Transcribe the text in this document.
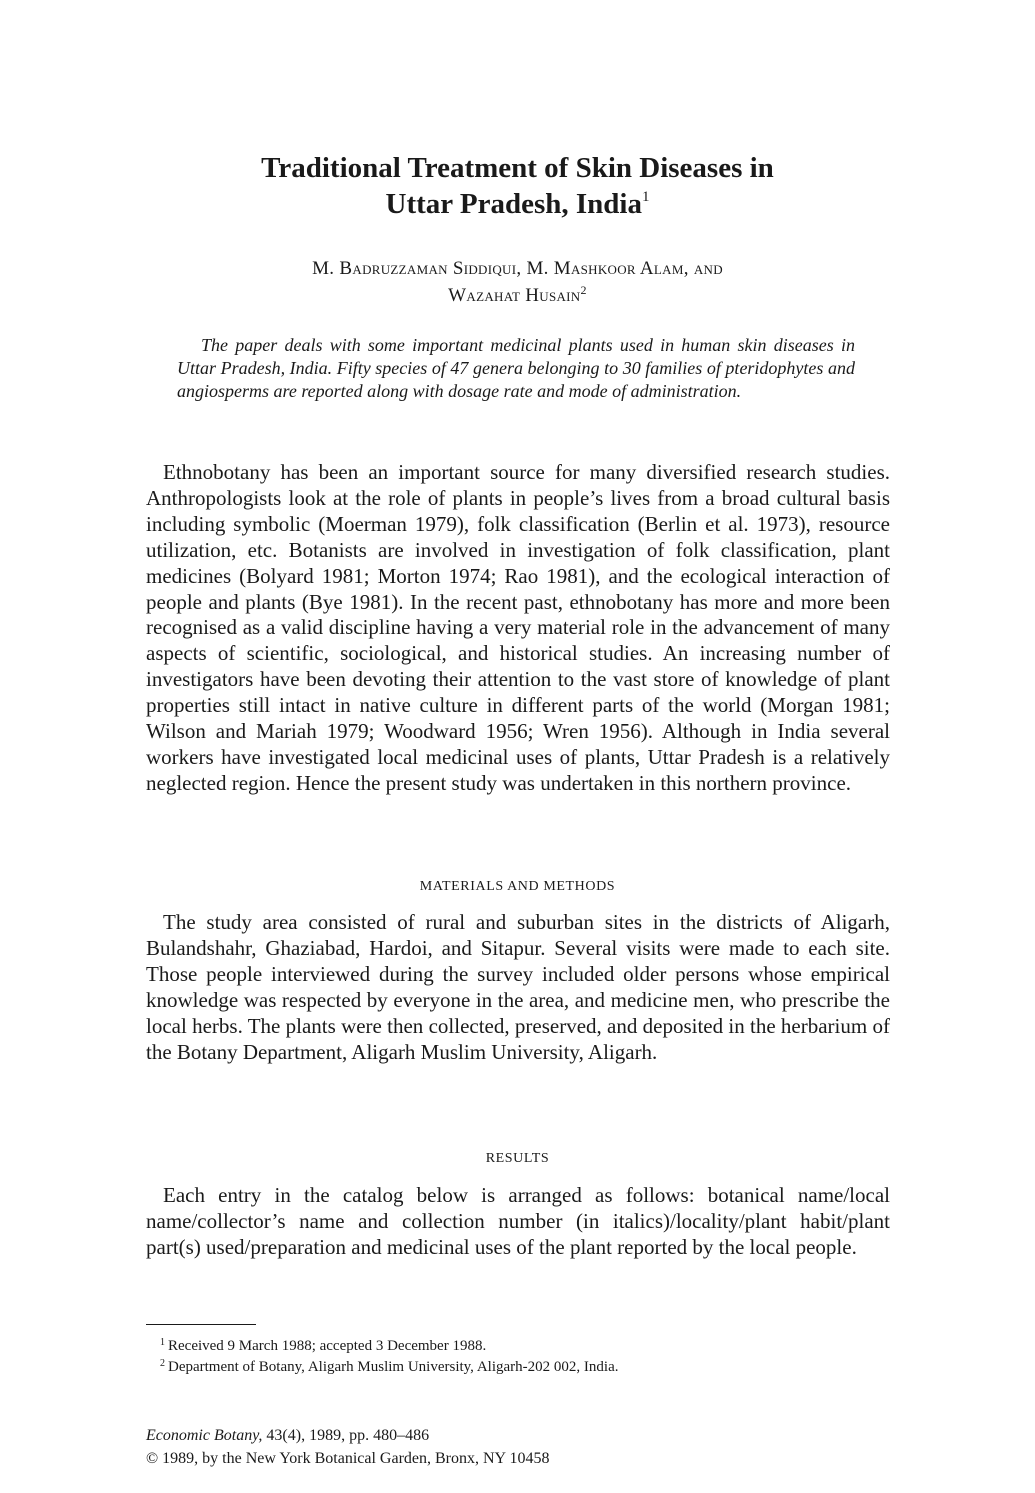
Traditional Treatment of Skin Diseases in
Uttar Pradesh, India$^1$
M. Badruzzaman Siddiqui, M. Mashkoor Alam, and
Wazahat Husain$^2$

The paper deals with some important medicinal plants used in human skin diseases in Uttar Pradesh, India. Fifty species of 47 genera belonging to 30 families of pteridophytes and angiosperms are reported along with dosage rate and mode of administration.

Ethnobotany has been an important source for many diversified research studies. Anthropologists look at the role of plants in people’s lives from a broad cultural basis including symbolic (Moerman 1979), folk classification (Berlin et al. 1973), resource utilization, etc. Botanists are involved in investigation of folk classification, plant medicines (Bolyard 1981; Morton 1974; Rao 1981), and the ecological interaction of people and plants (Bye 1981). In the recent past, ethnobotany has more and more been recognised as a valid discipline having a very material role in the advancement of many aspects of scientific, sociological, and historical studies. An increasing number of investigators have been devoting their attention to the vast store of knowledge of plant properties still intact in native culture in different parts of the world (Morgan 1981; Wilson and Mariah 1979; Woodward 1956; Wren 1956). Although in India several workers have investigated local medicinal uses of plants, Uttar Pradesh is a relatively neglected region. Hence the present study was undertaken in this northern province.

MATERIALS AND METHODS

The study area consisted of rural and suburban sites in the districts of Aligarh, Bulandshahr, Ghaziabad, Hardoi, and Sitapur. Several visits were made to each site. Those people interviewed during the survey included older persons whose empirical knowledge was respected by everyone in the area, and medicine men, who prescribe the local herbs. The plants were then collected, preserved, and deposited in the herbarium of the Botany Department, Aligarh Muslim University, Aligarh.

RESULTS

Each entry in the catalog below is arranged as follows: botanical name/local name/collector’s name and collection number (in italics)/locality/plant habit/plant part(s) used/preparation and medicinal uses of the plant reported by the local people.

$^1$ Received 9 March 1988; accepted 3 December 1988.
$^2$ Department of Botany, Aligarh Muslim University, Aligarh-202 002, India.
Economic Botany, 43(4), 1989, pp. 480–486
© 1989, by the New York Botanical Garden, Bronx, NY 10458
